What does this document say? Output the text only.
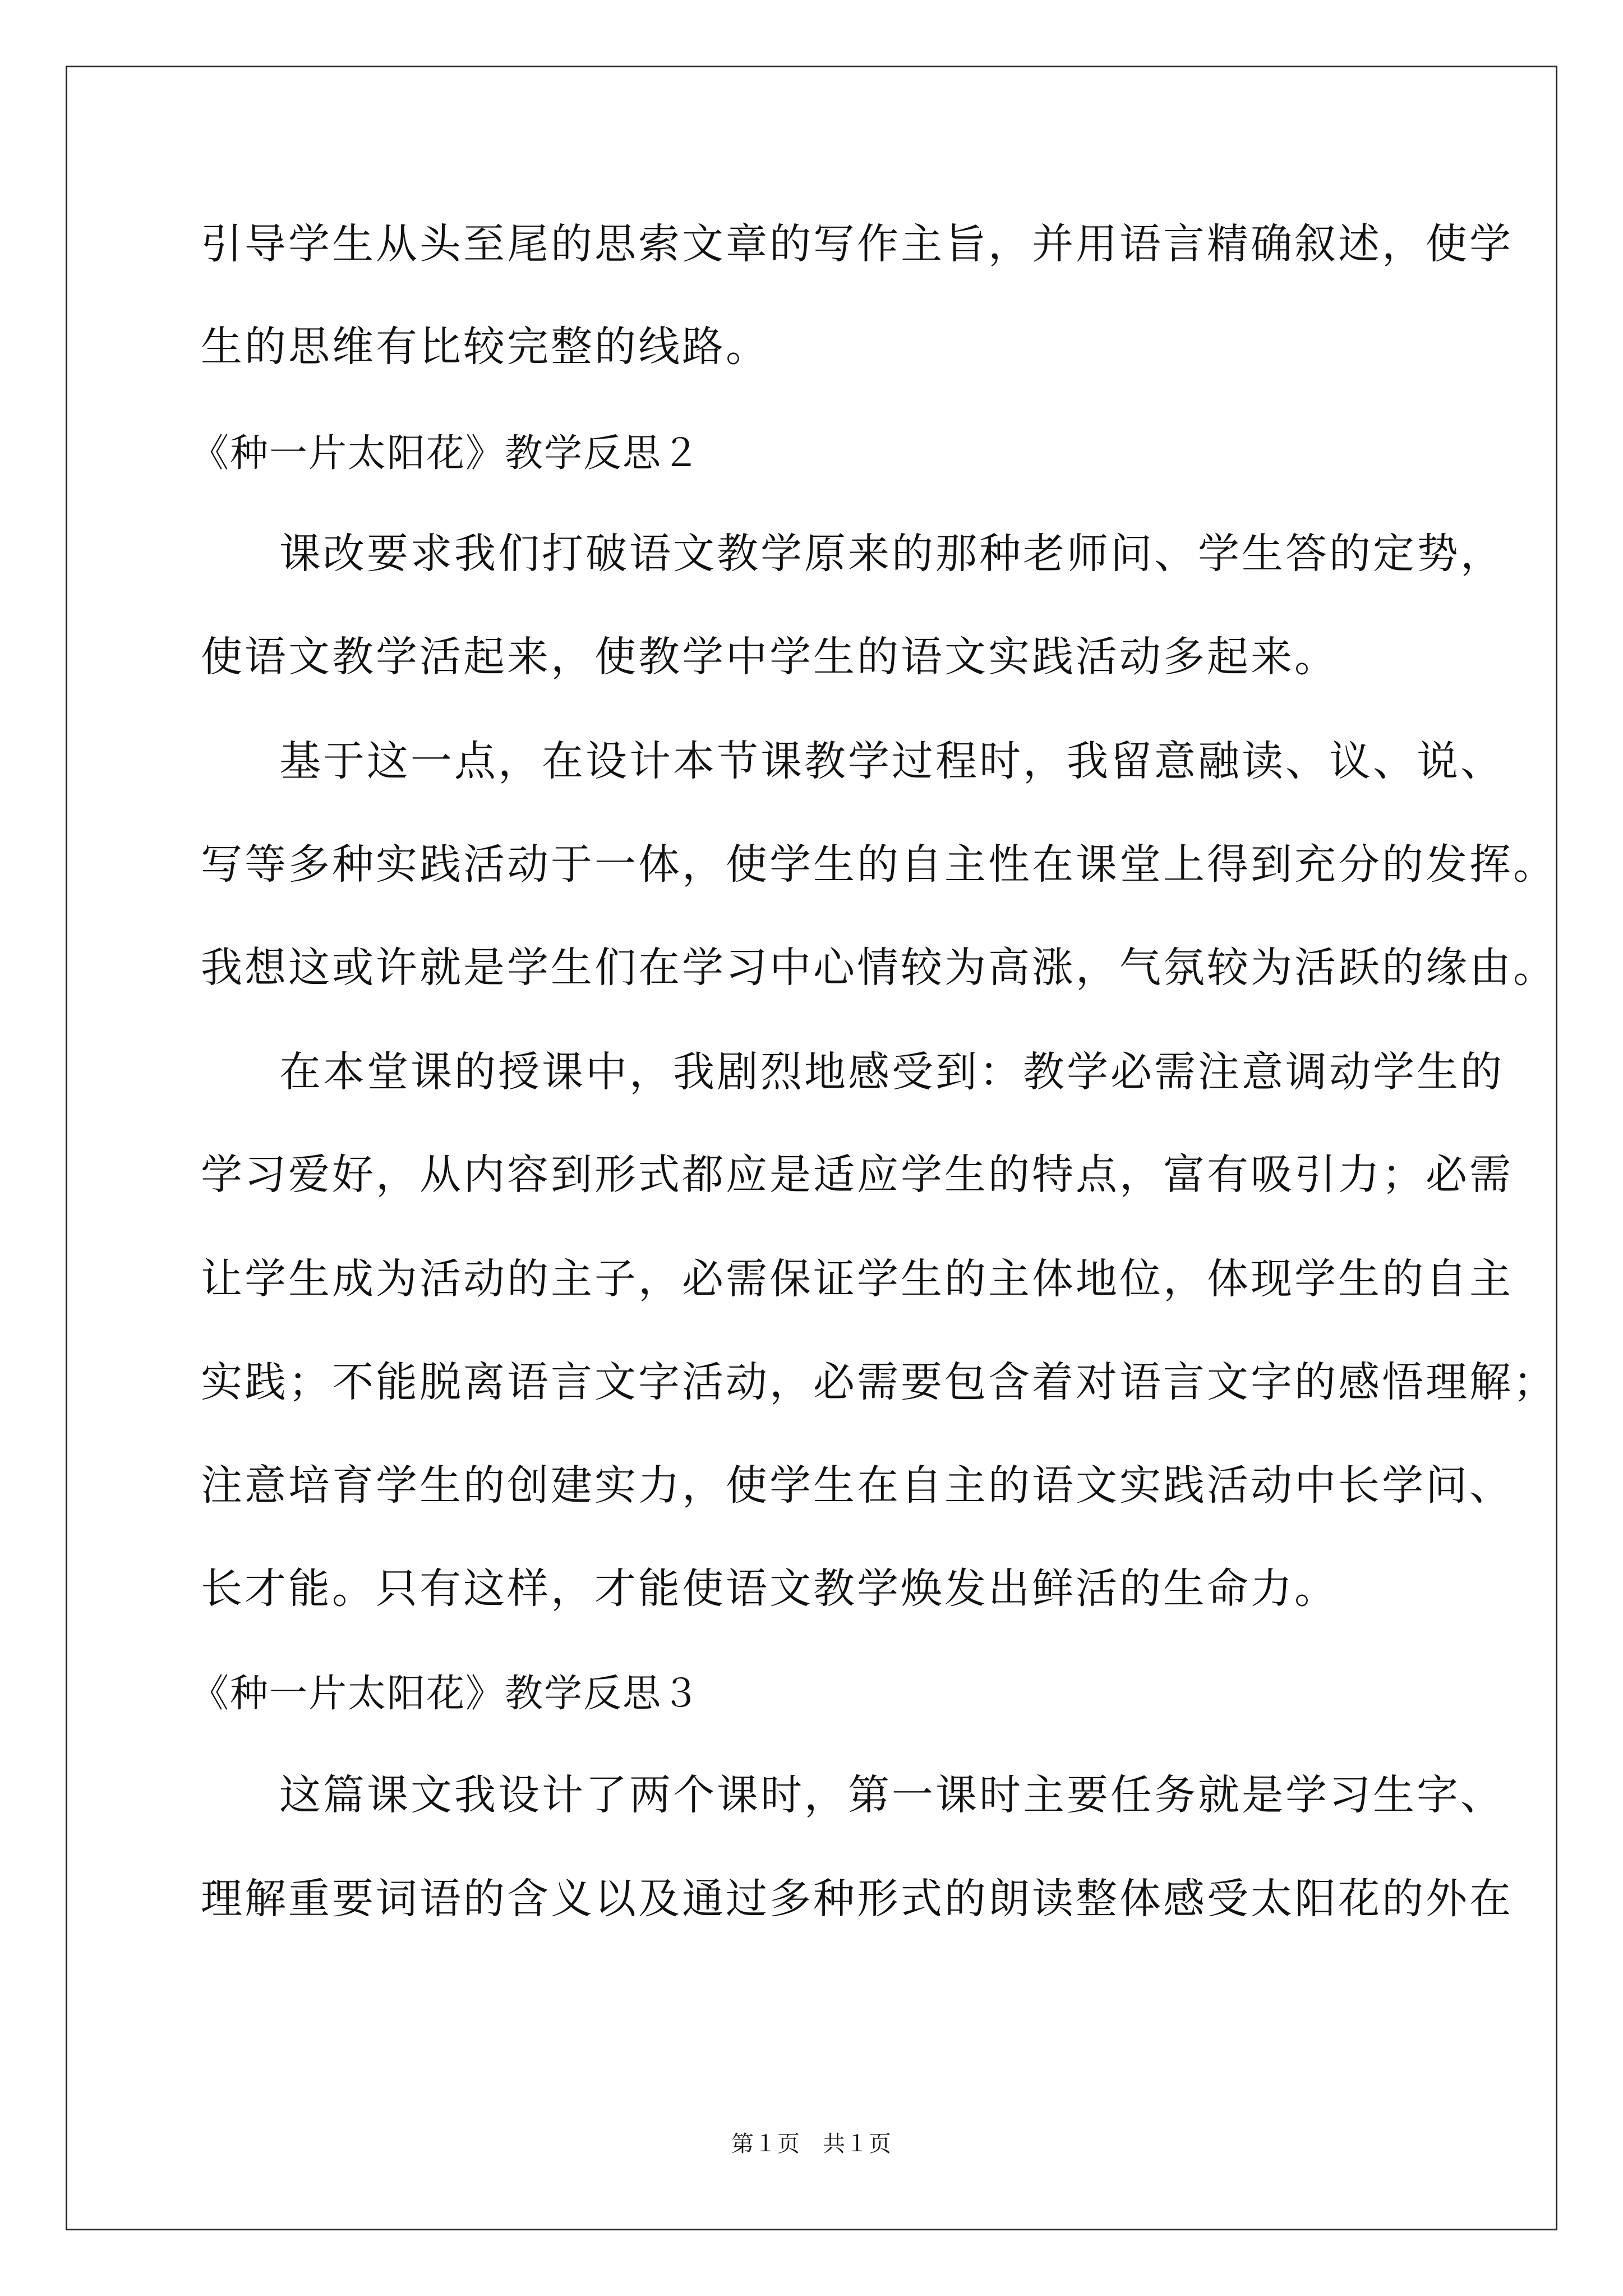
引导学生从头至尾的思索文章的写作主旨，并用语言精确叙述，使学
生的思维有比较完整的线路。
《种一片太阳花》教学反思２
课改要求我们打破语文教学原来的那种老师问、学生答的定势，
使语文教学活起来，使教学中学生的语文实践活动多起来。
基于这一点，在设计本节课教学过程时，我留意融读、议、说、
写等多种实践活动于一体，使学生的自主性在课堂上得到充分的发挥。
我想这或许就是学生们在学习中心情较为高涨，气氛较为活跃的缘由。
在本堂课的授课中，我剧烈地感受到：教学必需注意调动学生的
学习爱好，从内容到形式都应是适应学生的特点，富有吸引力；必需
让学生成为活动的主子，必需保证学生的主体地位，体现学生的自主
实践；不能脱离语言文字活动，必需要包含着对语言文字的感悟理解；
注意培育学生的创建实力，使学生在自主的语文实践活动中长学问、
长才能。只有这样，才能使语文教学焕发出鲜活的生命力。
《种一片太阳花》教学反思３
这篇课文我设计了两个课时，第一课时主要任务就是学习生字、
理解重要词语的含义以及通过多种形式的朗读整体感受太阳花的外在
第１页 共１页
